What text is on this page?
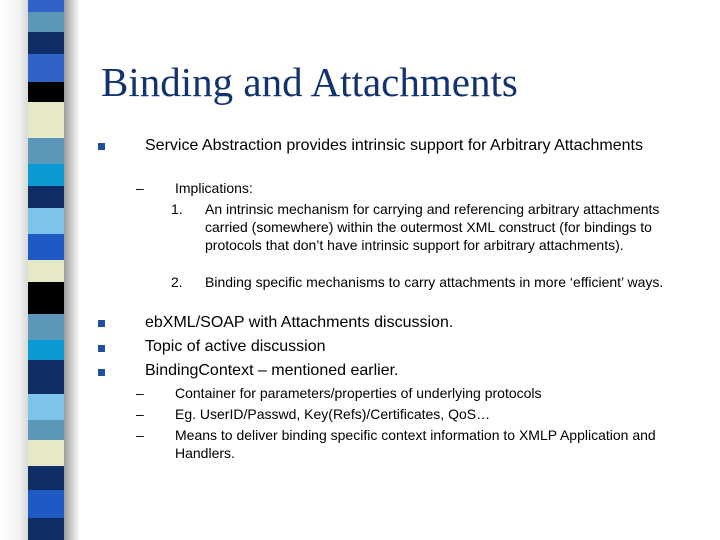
Binding and Attachments
Service Abstraction provides intrinsic support for Arbitrary Attachments
– Implications:
1. An intrinsic mechanism for carrying and referencing arbitrary attachments carried (somewhere) within the outermost XML construct (for bindings to protocols that don’t have intrinsic support for arbitrary attachments).
2. Binding specific mechanisms to carry attachments in more ‘efficient’ ways.
ebXML/SOAP with Attachments discussion.
Topic of active discussion
BindingContext – mentioned earlier.
– Container for parameters/properties of underlying protocols
– Eg. UserID/Passwd, Key(Refs)/Certificates, QoS…
– Means to deliver binding specific context information to XMLP Application and Handlers.
